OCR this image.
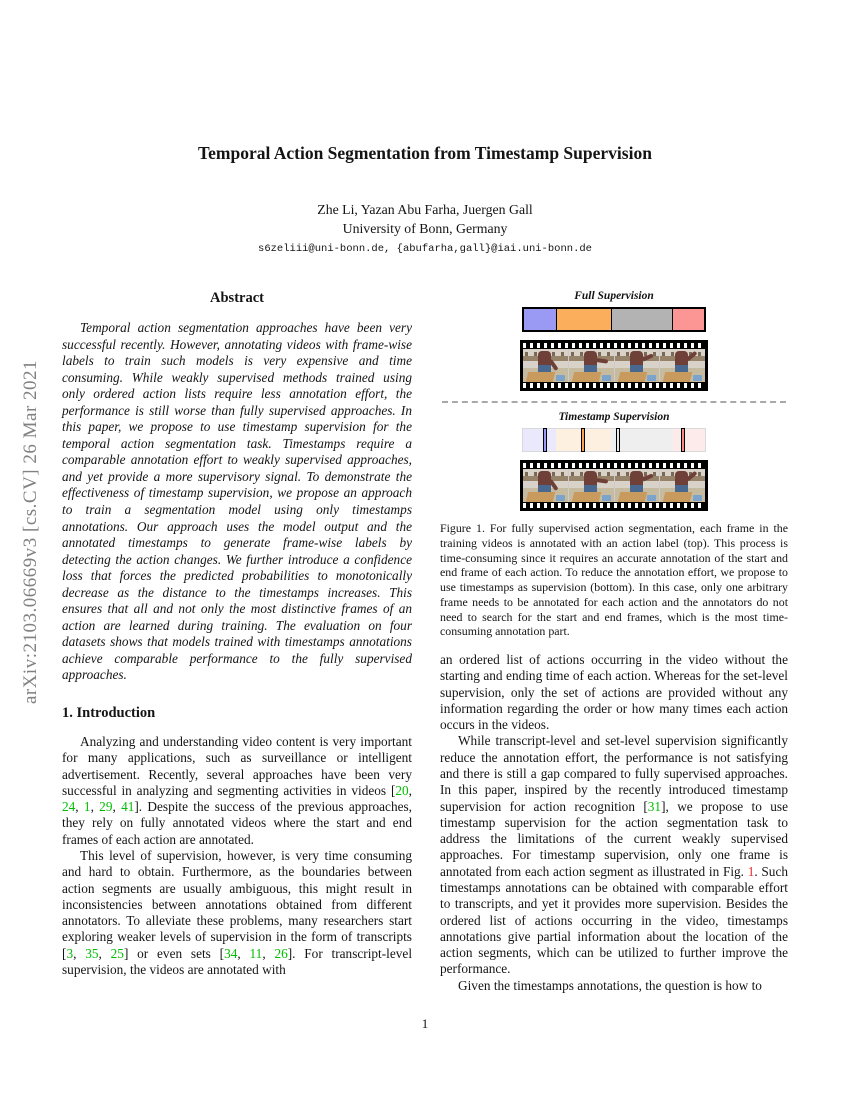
arXiv:2103.06669v3 [cs.CV] 26 Mar 2021
Temporal Action Segmentation from Timestamp Supervision
Zhe Li, Yazan Abu Farha, Juergen Gall
University of Bonn, Germany
s6zeliii@uni-bonn.de, {abufarha,gall}@iai.uni-bonn.de
Abstract

Temporal action segmentation approaches have been very successful recently. However, annotating videos with frame-wise labels to train such models is very expensive and time consuming. While weakly supervised methods trained using only ordered action lists require less annotation effort, the performance is still worse than fully supervised approaches. In this paper, we propose to use timestamp supervision for the temporal action segmentation task. Timestamps require a comparable annotation effort to weakly supervised approaches, and yet provide a more supervisory signal. To demonstrate the effectiveness of timestamp supervision, we propose an approach to train a segmentation model using only timestamps annotations. Our approach uses the model output and the annotated timestamps to generate frame-wise labels by detecting the action changes. We further introduce a confidence loss that forces the predicted probabilities to monotonically decrease as the distance to the timestamps increases. This ensures that all and not only the most distinctive frames of an action are learned during training. The evaluation on four datasets shows that models trained with timestamps annotations achieve comparable performance to the fully supervised approaches.

1. Introduction

Analyzing and understanding video content is very important for many applications, such as surveillance or intelligent advertisement. Recently, several approaches have been very successful in analyzing and segmenting activities in videos [20, 24, 1, 29, 41]. Despite the success of the previous approaches, they rely on fully annotated videos where the start and end frames of each action are annotated.

This level of supervision, however, is very time consuming and hard to obtain. Furthermore, as the boundaries between action segments are usually ambiguous, this might result in inconsistencies between annotations obtained from different annotators. To alleviate these problems, many researchers start exploring weaker levels of supervision in the form of transcripts [3, 35, 25] or even sets [34, 11, 26]. For transcript-level supervision, the videos are annotated with

Full Supervision
Timestamp Supervision

Figure 1. For fully supervised action segmentation, each frame in the training videos is annotated with an action label (top). This process is time-consuming since it requires an accurate annotation of the start and end frame of each action. To reduce the annotation effort, we propose to use timestamps as supervision (bottom). In this case, only one arbitrary frame needs to be annotated for each action and the annotators do not need to search for the start and end frames, which is the most time-consuming annotation part.

an ordered list of actions occurring in the video without the starting and ending time of each action. Whereas for the set-level supervision, only the set of actions are provided without any information regarding the order or how many times each action occurs in the videos.

While transcript-level and set-level supervision significantly reduce the annotation effort, the performance is not satisfying and there is still a gap compared to fully supervised approaches. In this paper, inspired by the recently introduced timestamp supervision for action recognition [31], we propose to use timestamp supervision for the action segmentation task to address the limitations of the current weakly supervised approaches. For timestamp supervision, only one frame is annotated from each action segment as illustrated in Fig. 1. Such timestamps annotations can be obtained with comparable effort to transcripts, and yet it provides more supervision. Besides the ordered list of actions occurring in the video, timestamps annotations give partial information about the location of the action segments, which can be utilized to further improve the performance.

Given the timestamps annotations, the question is how to

1
